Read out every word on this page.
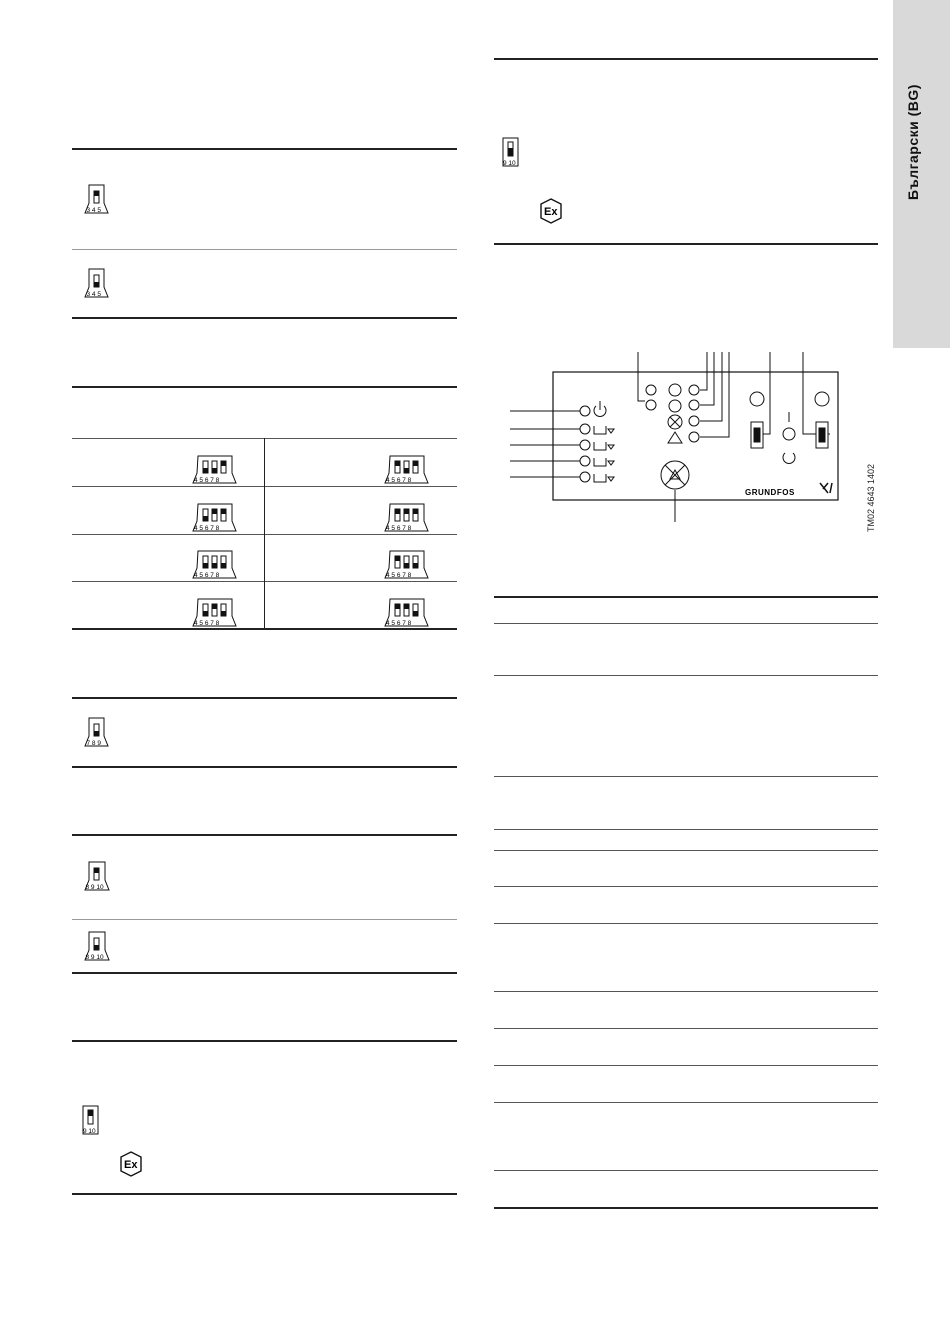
3 4 5
3 4 5
4 5 6 7 8	4 5 6 7 8
4 5 6 7 8	4 5 6 7 8
4 5 6 7 8	4 5 6 7 8
4 5 6 7 8	4 5 6 7 8
7 8 9
8 9 10
8 9 10
9 10
Ex
9 10
Ex
GRUNDFOS	TM02 4643 1402
